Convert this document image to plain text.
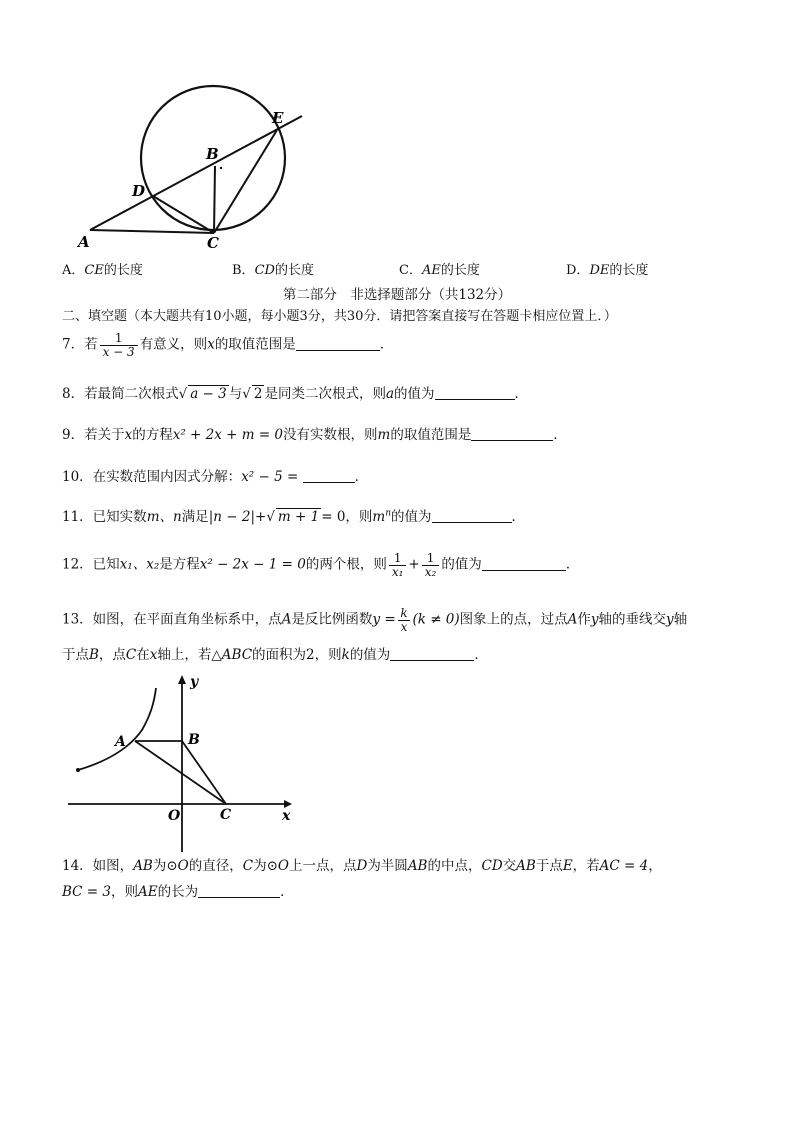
A
B
C
D
E
A．CE的长度	B．CD的长度	C．AE的长度	D．DE的长度
第二部分　非选择题部分（共132分）
二、填空题（本大题共有10小题，每小题3分，共30分．请把答案直接写在答题卡相应位置上．）
7．若 $\frac{1}{x - 3}$ 有意义，则x的取值范围是	．
8．若最简二次根式√ a − 3 与√ 2 是同类二次根式，则a的值为	．
9．若关于x的方程x² + 2x + m = 0没有实数根，则m的取值范围是	．
10．在实数范围内因式分解：x² − 5 =	．
11．已知实数m、n满足|n − 2|+√ m + 1 = 0，则$m^n$的值为	．
12．已知x₁、x₂是方程x² − 2x − 1 = 0的两个根，则 $\frac{1}{\text{x₁}} + \frac{1}{\text{x₂}}$ 的值为	．
13．如图，在平面直角坐标系中，点A是反比例函数$y = \frac{k}{x} (k \ne 0)$图象上的点，过点A作y轴的垂线交y轴
于点B，点C在x轴上，若△ABC的面积为2，则k的值为	．
y
A	B
O	C	x
14．如图，AB为⊙O的直径，C为⊙O上一点，点D为半圆AB的中点，CD交AB于点E，若AC = 4，
BC = 3，则AE的长为	．
